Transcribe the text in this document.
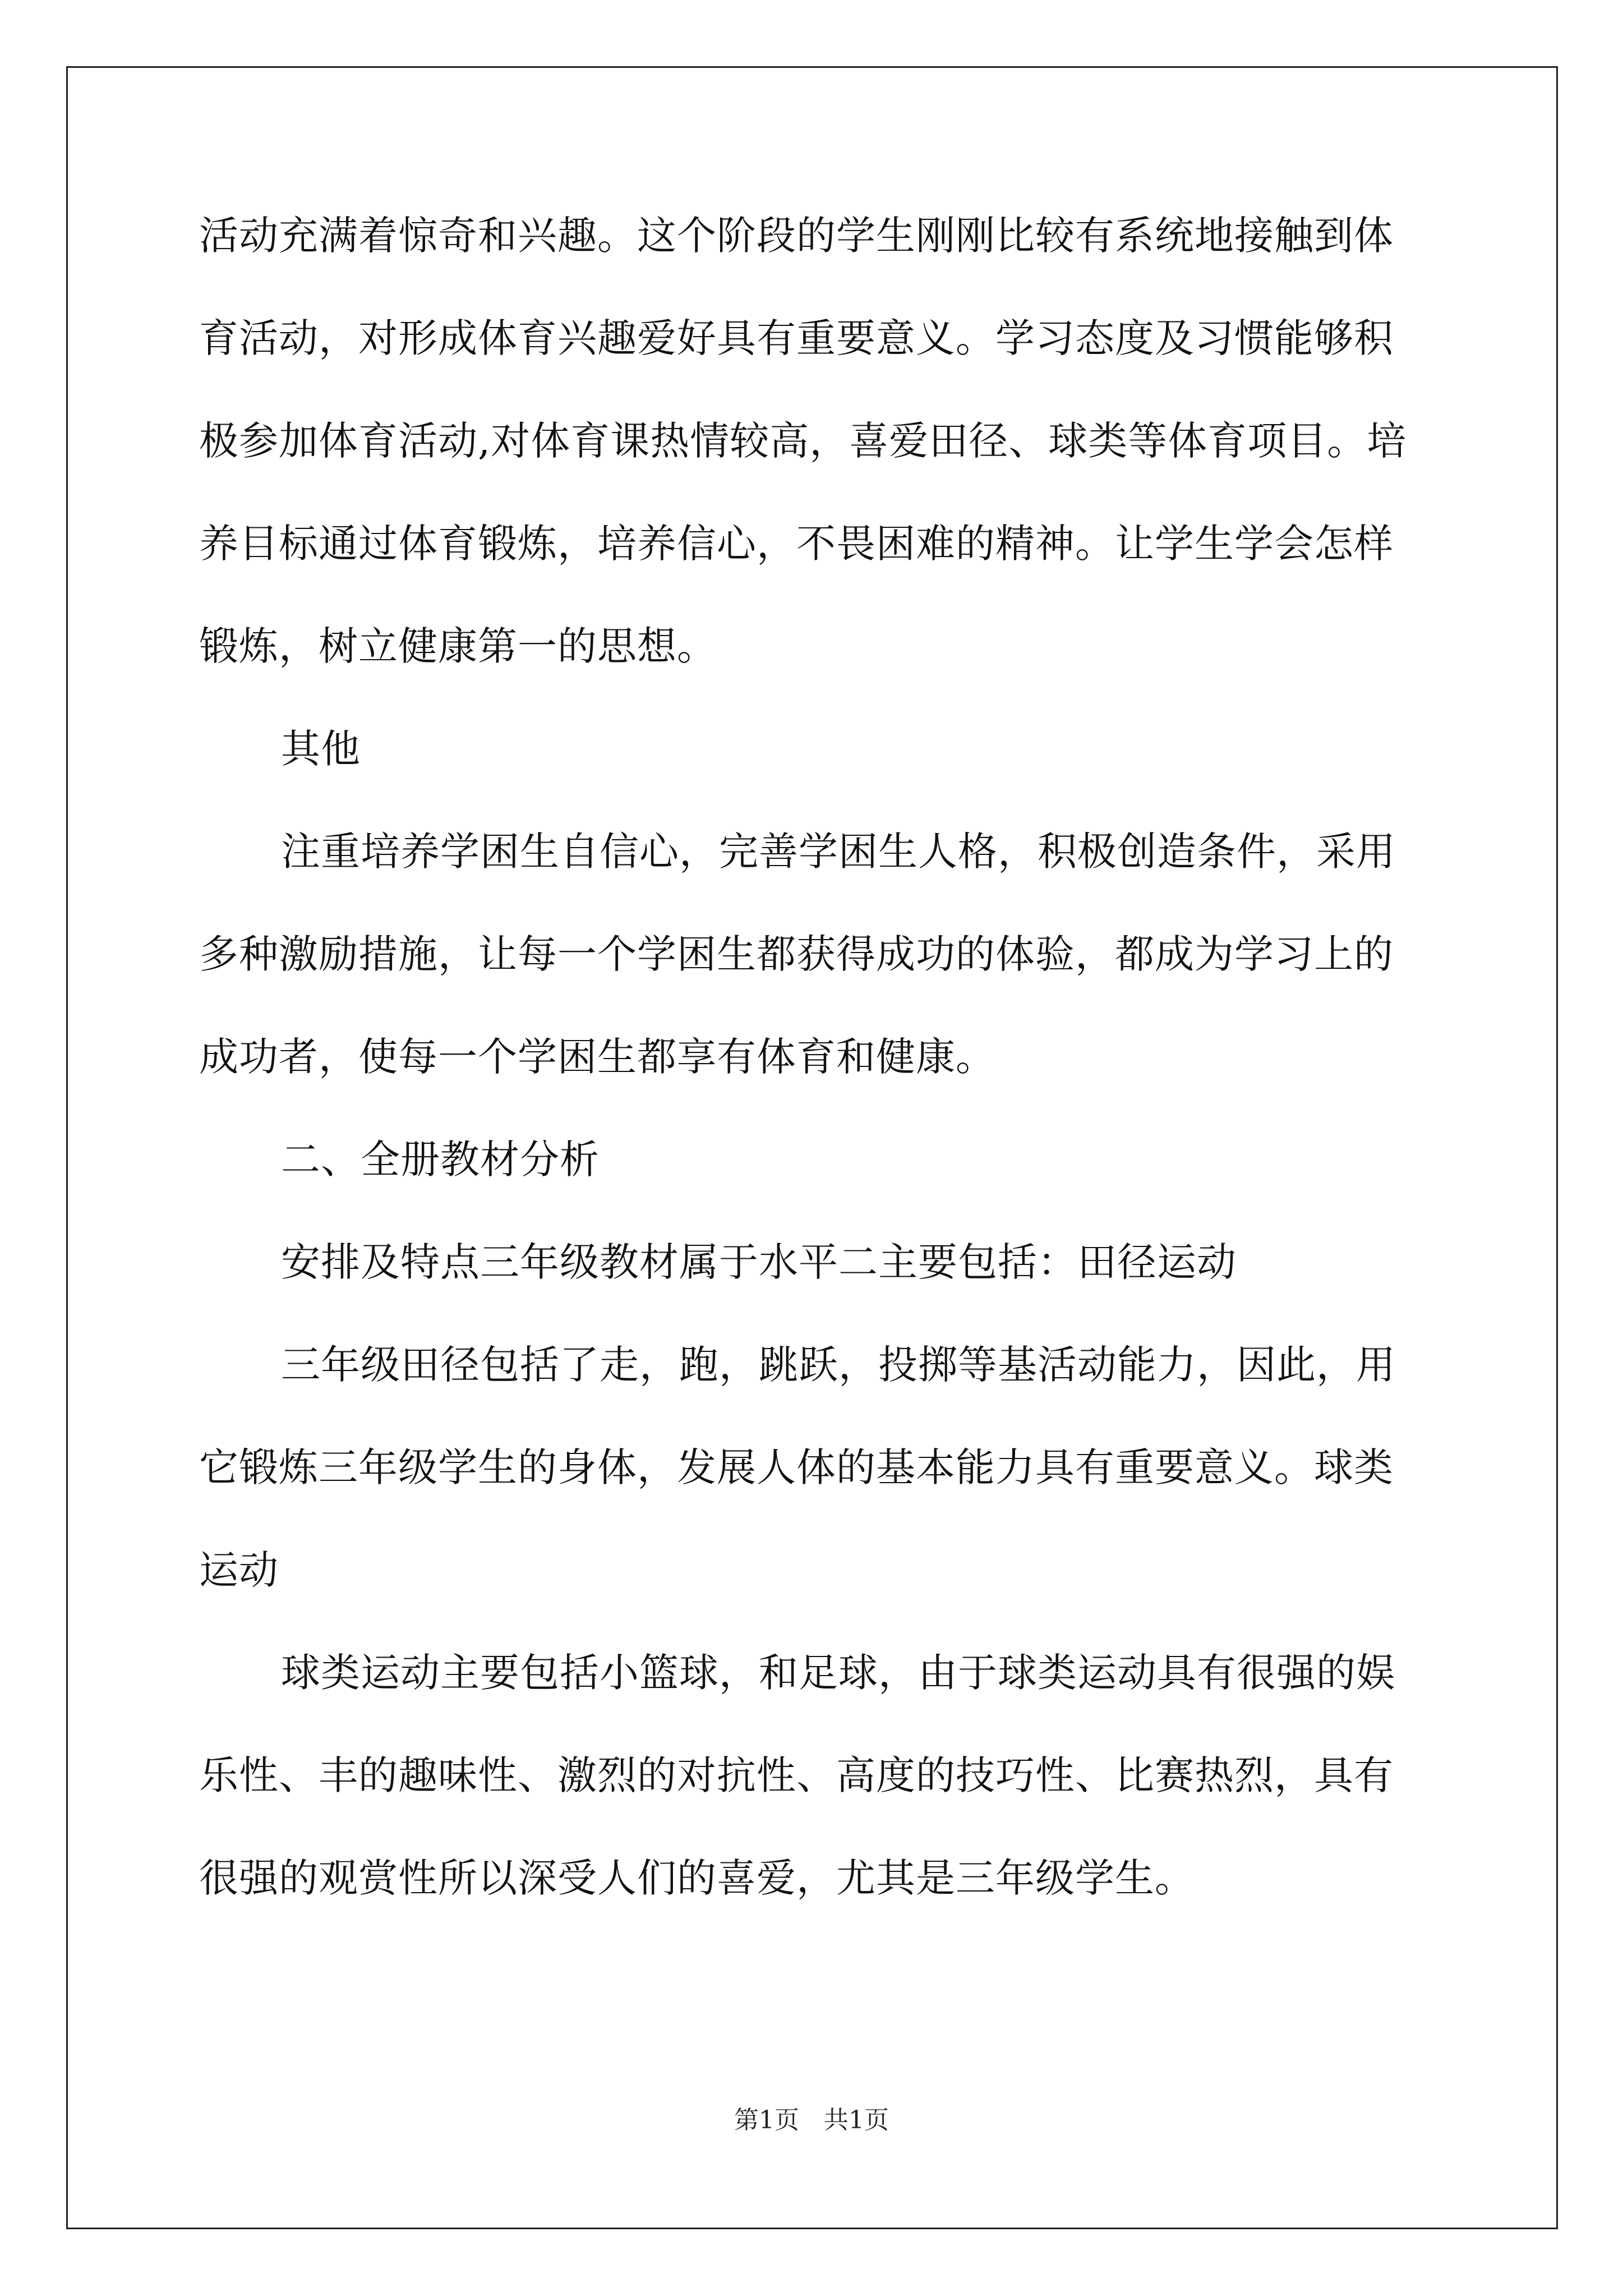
活动充满着惊奇和兴趣。这个阶段的学生刚刚比较有系统地接触到体
育活动，对形成体育兴趣爱好具有重要意义。学习态度及习惯能够积
极参加体育活动,对体育课热情较高，喜爱田径、球类等体育项目。培
养目标通过体育锻炼，培养信心，不畏困难的精神。让学生学会怎样
锻炼，树立健康第一的思想。
其他
注重培养学困生自信心，完善学困生人格，积极创造条件，采用
多种激励措施，让每一个学困生都获得成功的体验，都成为学习上的
成功者，使每一个学困生都享有体育和健康。
二、全册教材分析
安排及特点三年级教材属于水平二主要包括：田径运动
三年级田径包括了走，跑，跳跃，投掷等基活动能力，因此，用
它锻炼三年级学生的身体，发展人体的基本能力具有重要意义。球类
运动
球类运动主要包括小篮球，和足球，由于球类运动具有很强的娱
乐性、丰的趣味性、激烈的对抗性、高度的技巧性、比赛热烈，具有
很强的观赏性所以深受人们的喜爱，尤其是三年级学生。
第1页　共1页
